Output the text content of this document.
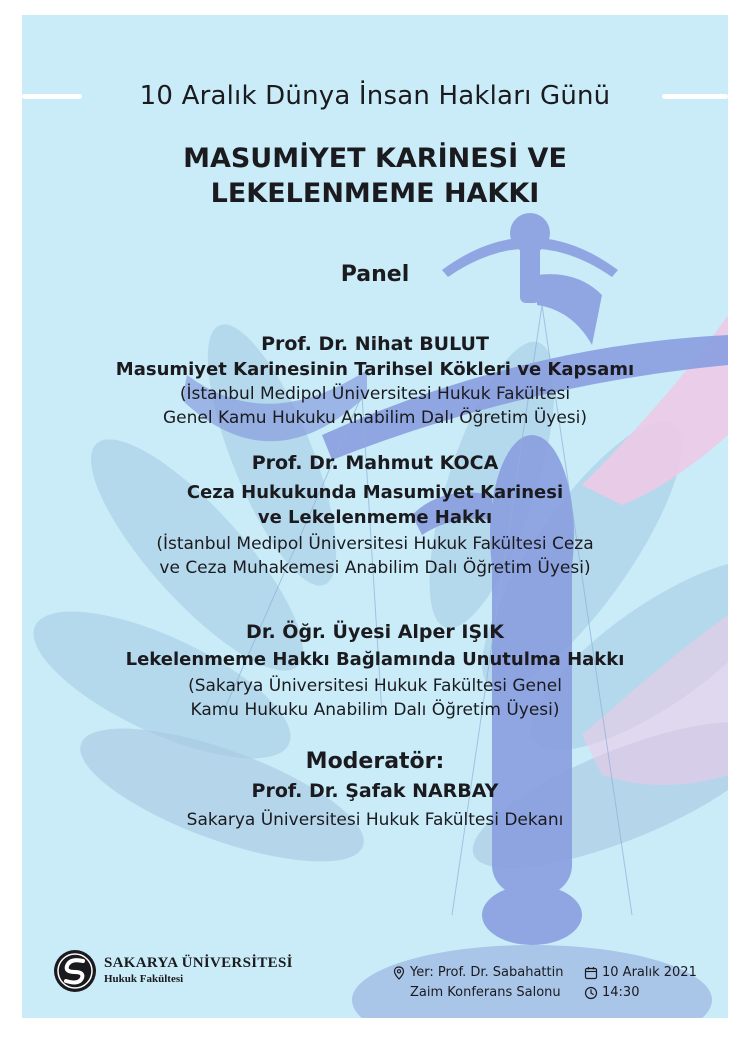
10 Aralık Dünya İnsan Hakları Günü
MASUMİYET KARİNESİ VE
LEKELENMEME HAKKI
Panel
Prof. Dr. Nihat BULUT
Masumiyet Karinesinin Tarihsel Kökleri ve Kapsamı
(İstanbul Medipol Üniversitesi Hukuk Fakültesi
Genel Kamu Hukuku Anabilim Dalı Öğretim Üyesi)
Prof. Dr. Mahmut KOCA
Ceza Hukukunda Masumiyet Karinesi
ve Lekelenmeme Hakkı
(İstanbul Medipol Üniversitesi Hukuk Fakültesi Ceza
ve Ceza Muhakemesi Anabilim Dalı Öğretim Üyesi)
Dr. Öğr. Üyesi Alper IŞIK
Lekelenmeme Hakkı Bağlamında Unutulma Hakkı
(Sakarya Üniversitesi Hukuk Fakültesi Genel
Kamu Hukuku Anabilim Dalı Öğretim Üyesi)
Moderatör:
Prof. Dr. Şafak NARBAY
Sakarya Üniversitesi Hukuk Fakültesi Dekanı
SAKARYA ÜNİVERSİTESİ
Hukuk Fakültesi	Yer: Prof. Dr. Sabahattin
Zaim Konferans Salonu
10 Aralık 2021
14:30
